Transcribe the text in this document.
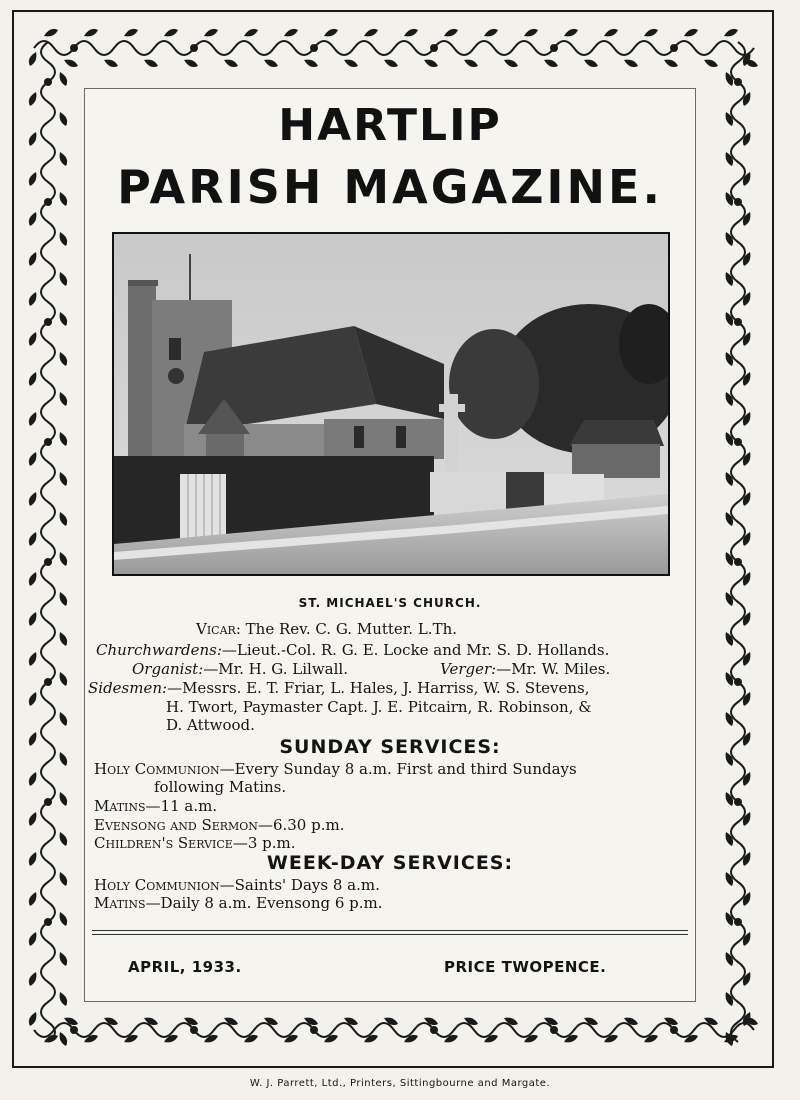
HARTLIP
PARISH MAGAZINE.
ST. MICHAEL'S CHURCH.
Vicar: The Rev. C. G. Mutter. L.Th.
Churchwardens:—Lieut.-Col. R. G. E. Locke and Mr. S. D. Hollands.
Organist:—Mr. H. G. Lilwall.	Verger:—Mr. W. Miles.
Sidesmen:—Messrs. E. T. Friar, L. Hales, J. Harriss, W. S. Stevens,
H. Twort, Paymaster Capt. J. E. Pitcairn, R. Robinson, &
D. Attwood.
SUNDAY SERVICES:
Holy Communion—Every Sunday 8 a.m. First and third Sundays
following Matins.
Matins—11 a.m.
Evensong and Sermon—6.30 p.m.
Children's Service—3 p.m.
WEEK-DAY SERVICES:
Holy Communion—Saints' Days 8 a.m.
Matins—Daily 8 a.m. Evensong 6 p.m.
APRIL, 1933.	PRICE TWOPENCE.
W. J. Parrett, Ltd., Printers, Sittingbourne and Margate.
